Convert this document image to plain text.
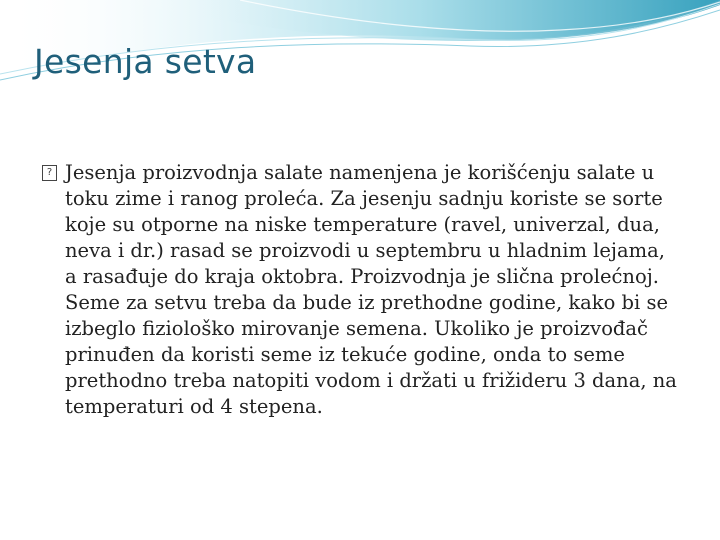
Jesenja setva

? Jesenja proizvodnja salate namenjena je korišćenju salate u toku zime i ranog proleća. Za jesenju sadnju koriste se sorte koje su otporne na niske temperature (ravel, univerzal, dua, neva i dr.) rasad se proizvodi u septembru u hladnim lejama, a rasađuje do kraja oktobra. Proizvodnja je slična prolećnoj. Seme za setvu treba da bude iz prethodne godine, kako bi se izbeglo fiziološko mirovanje semena. Ukoliko je proizvođač prinuđen da koristi seme iz tekuće godine, onda to seme prethodno treba natopiti vodom i držati u frižideru 3 dana, na temperaturi od 4 stepena.
